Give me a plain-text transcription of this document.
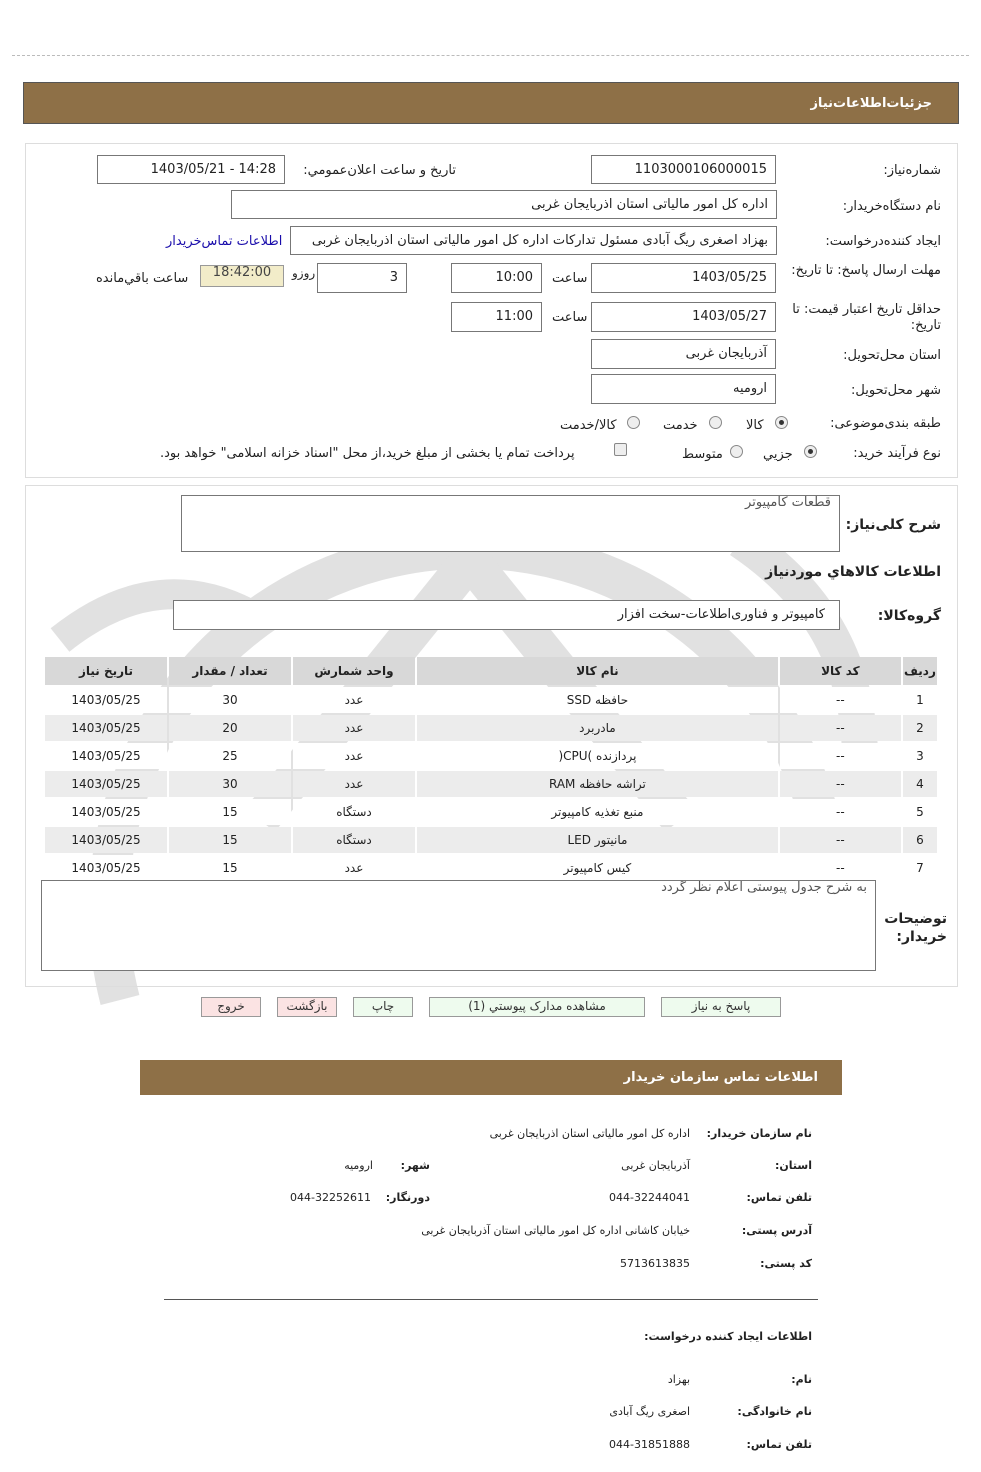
جزئیات‌اطلاعات‌نیاز
شماره‌نیاز:
1103000106000015
تاريخ و ساعت اعلان‌عمومي:
1403/05/21 - 14:28
نام دستگاه‌خريدار:
اداره کل امور مالیاتی استان اذربایجان غربی
ايجاد کننده‌درخواست:
بهزاد اصغری ریگ آبادی مسئول تدارکات اداره کل امور مالیاتی استان اذربایجان غربی
اطلاعات تماس‌خريدار
مهلت ارسال پاسخ: تا تاريخ:
1403/05/25
ساعت
10:00
3
روزو
18:42:00
ساعت باقي‌مانده
حداقل تاريخ اعتبار قيمت: تا تاريخ:
1403/05/27
ساعت
11:00
استان محل‌تحويل:
آذربایجان غربی
شهر محل‌تحويل:
ارومیه
طبقه بندی‌موضوعی:
کالا
خدمت
کالا/خدمت
نوع فرآیند خرید:
جزيي
متوسط
پرداخت تمام یا بخشی از مبلغ خرید،از محل "اسناد خزانه اسلامی" خواهد بود.
شرح کلی‌نیاز:
قطعات کامپیوتر
اطلاعات کالاهاي موردنياز
گروه‌کالا:
کامپیوتر و فناوری‌اطلاعات-سخت افزار
رديف	کد کالا	نام کالا	واحد شمارش	تعداد / مقدار	تاريخ نياز
1	--	حافظه SSD	عدد	30	1403/05/25
2	--	مادربرد	عدد	20	1403/05/25
3	--	پردازنده )CPU(	عدد	25	1403/05/25
4	--	تراشه حافظه RAM	عدد	30	1403/05/25
5	--	منبع تغذیه کامپیوتر	دستگاه	15	1403/05/25
6	--	مانیتور LED	دستگاه	15	1403/05/25
7	--	کیس کامپیوتر	عدد	15	1403/05/25
توضیحات خریدار:
به شرح جدول پیوستی اعلام نظر گردد
پاسخ به نياز
مشاهده مدارک پيوستي (1)
چاپ
بازگشت
خروج
اطلاعات تماس سازمان خریدار
نام سازمان خریدار:
اداره کل امور مالیاتی استان اذربایجان غربی
استان:
آذربایجان غربی
شهر:
ارومیه
تلفن تماس:
044-32244041
دورنگار:
044-32252611
آدرس پستی:
خیابان کاشانی اداره کل امور مالیاتی استان آذربایجان غربی
کد پستی:
5713613835
اطلاعات ایجاد کننده درخواست:
نام:
بهزاد
نام خانوادگی:
اصغری ریگ آبادی
تلفن تماس:
044-31851888
